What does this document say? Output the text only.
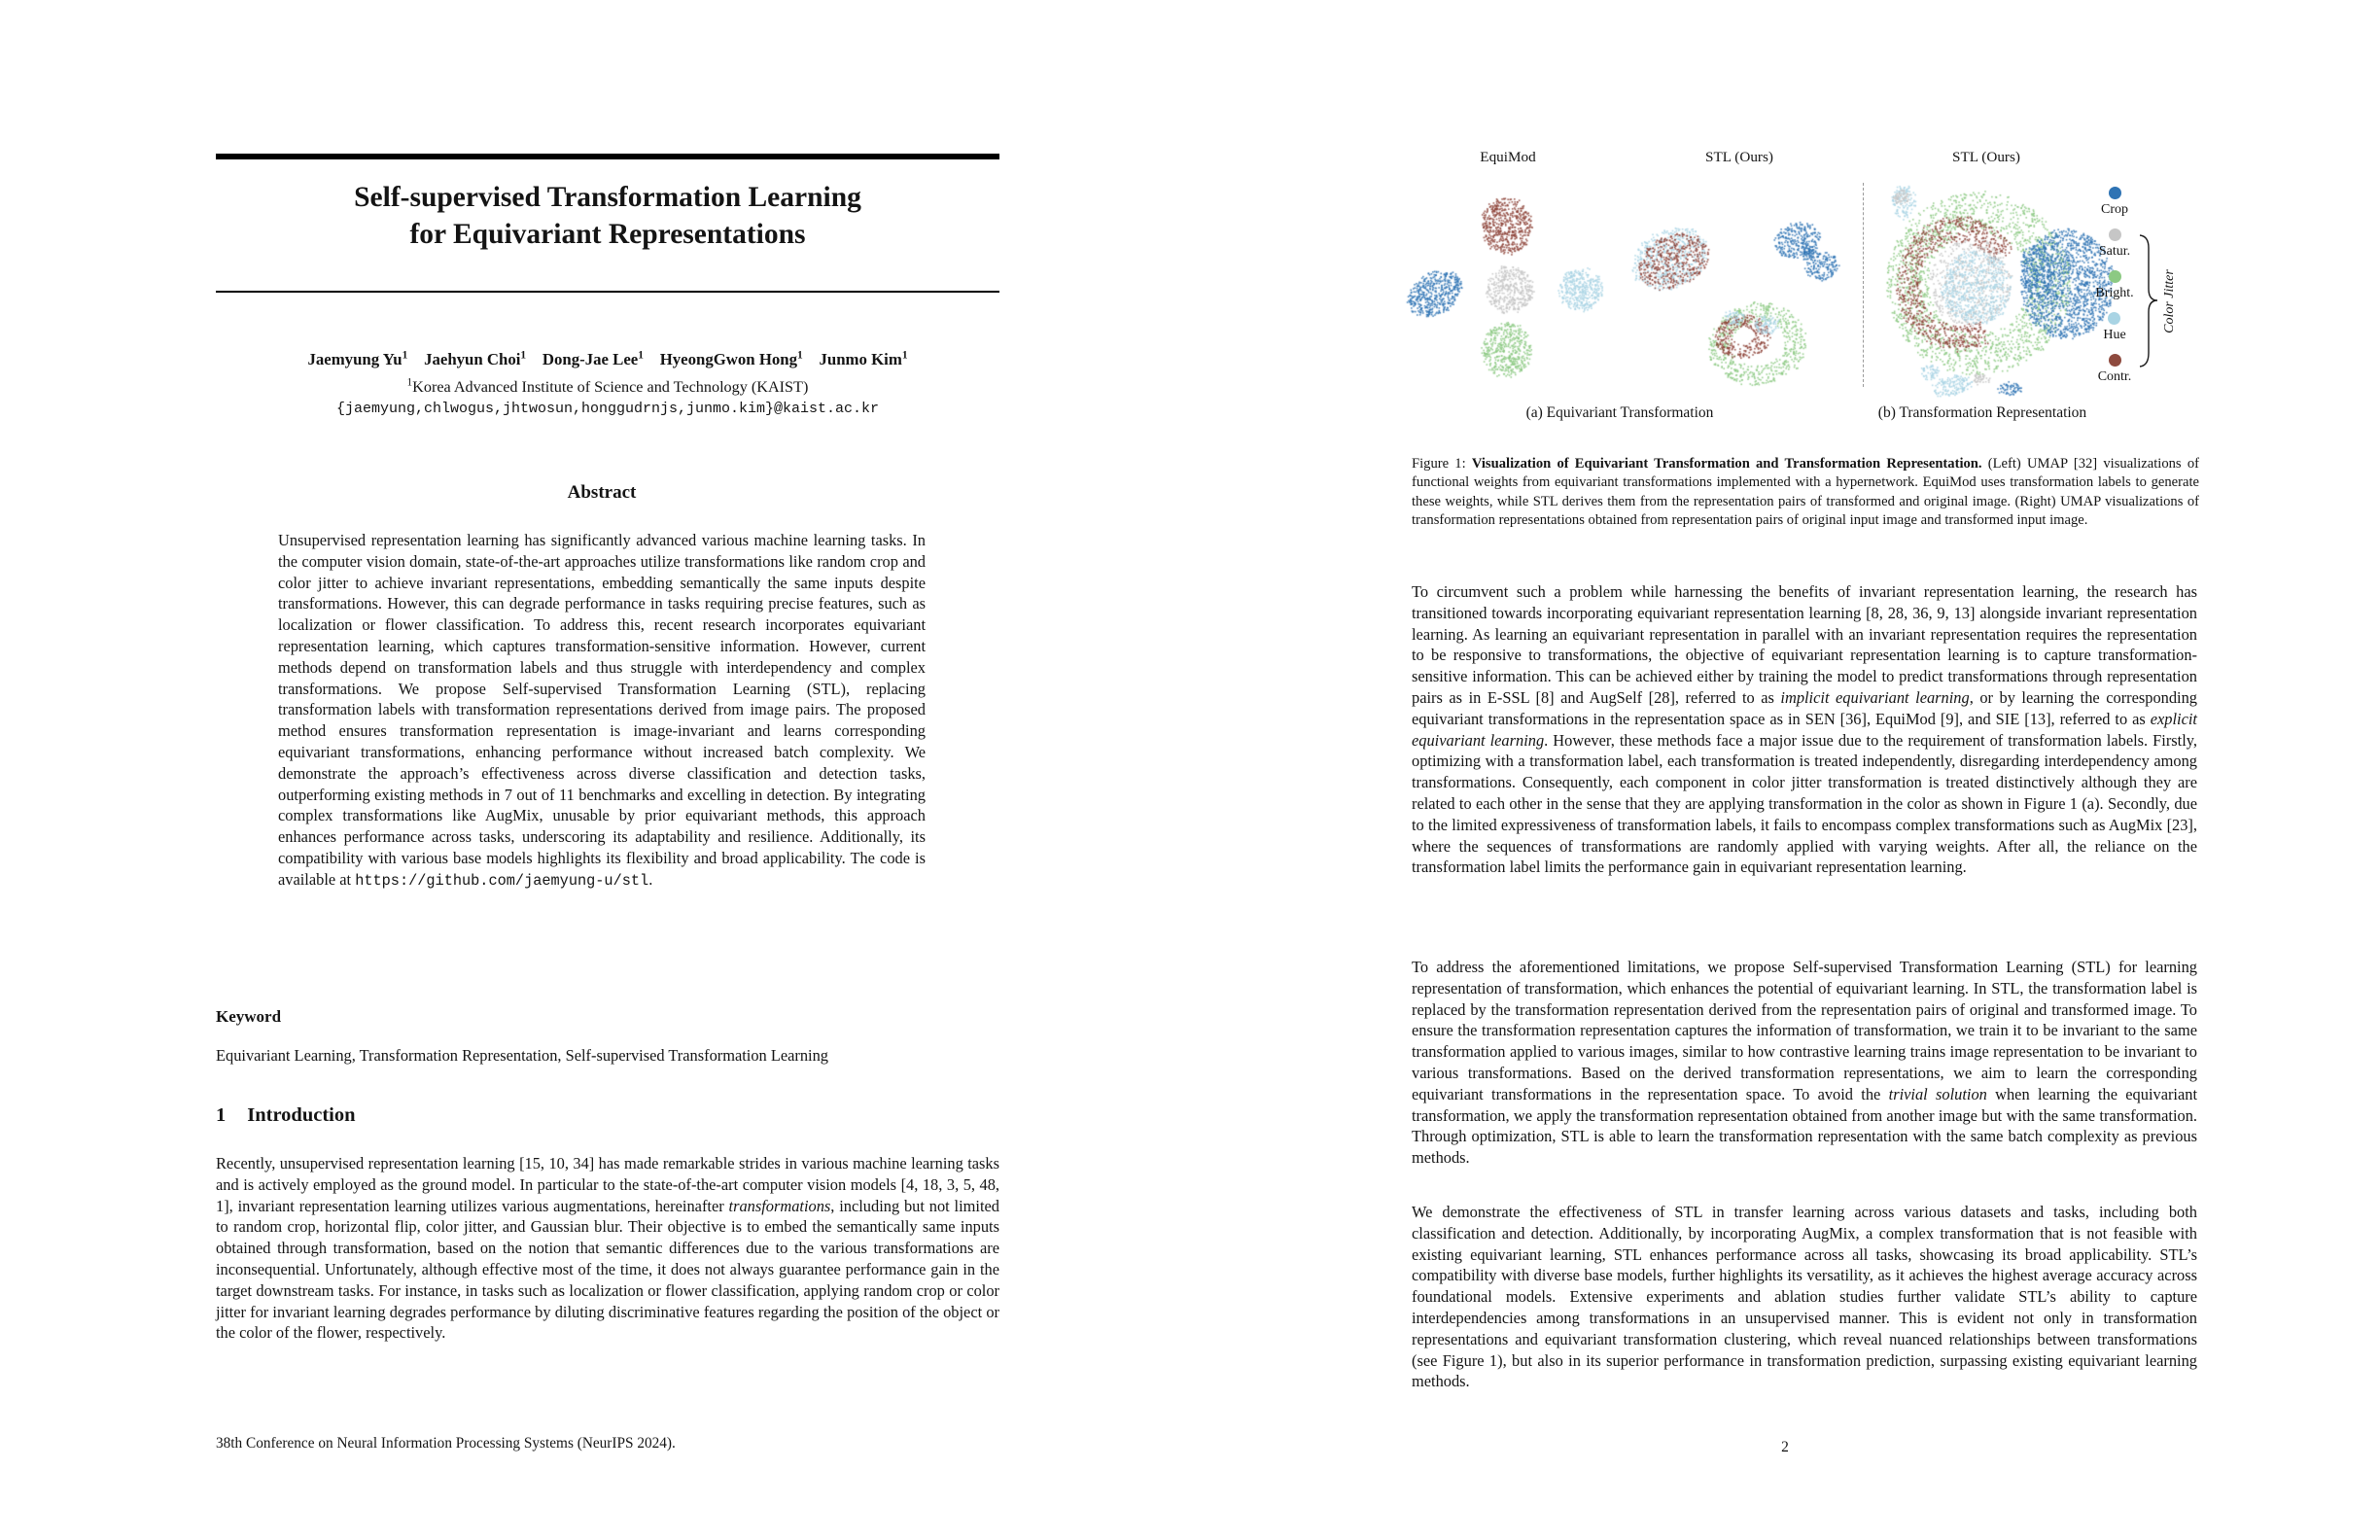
Self-supervised Transformation Learning
for Equivariant Representations
Jaemyung Yu$^1$ Jaehyun Choi$^1$ Dong-Jae Lee$^1$ HyeongGwon Hong$^1$ Junmo Kim$^1$
$^1$Korea Advanced Institute of Science and Technology (KAIST)
{jaemyung,chlwogus,jhtwosun,honggudrnjs,junmo.kim}@kaist.ac.kr
Abstract
Unsupervised representation learning has significantly advanced various machine learning tasks. In the computer vision domain, state-of-the-art approaches utilize transformations like random crop and color jitter to achieve invariant representations, embedding semantically the same inputs despite transformations. However, this can degrade performance in tasks requiring precise features, such as localization or flower classification. To address this, recent research incorporates equivariant representation learning, which captures transformation-sensitive information. However, current methods depend on transformation labels and thus struggle with interdependency and complex transformations. We propose Self-supervised Transformation Learning (STL), replacing transformation labels with transformation representations derived from image pairs. The proposed method ensures transformation representation is image-invariant and learns corresponding equivariant transformations, enhancing performance without increased batch complexity. We demonstrate the approach’s effectiveness across diverse classification and detection tasks, outperforming existing methods in 7 out of 11 benchmarks and excelling in detection. By integrating complex transformations like AugMix, unusable by prior equivariant methods, this approach enhances performance across tasks, underscoring its adaptability and resilience. Additionally, its compatibility with various base models highlights its flexibility and broad applicability. The code is available at https://github.com/jaemyung-u/stl.
Keyword
Equivariant Learning, Transformation Representation, Self-supervised Transformation Learning
1 Introduction
Recently, unsupervised representation learning [15, 10, 34] has made remarkable strides in various machine learning tasks and is actively employed as the ground model. In particular to the state-of-the-art computer vision models [4, 18, 3, 5, 48, 1], invariant representation learning utilizes various augmentations, hereinafter transformations, including but not limited to random crop, horizontal flip, color jitter, and Gaussian blur. Their objective is to embed the semantically same inputs obtained through transformation, based on the notion that semantic differences due to the various transformations are inconsequential. Unfortunately, although effective most of the time, it does not always guarantee performance gain in the target downstream tasks. For instance, in tasks such as localization or flower classification, applying random crop or color jitter for invariant learning degrades performance by diluting discriminative features regarding the position of the object or the color of the flower, respectively.
38th Conference on Neural Information Processing Systems (NeurIPS 2024).
EquiMod	STL (Ours)	STL (Ours)
Crop
Satur.
Bright.
Hue
Contr.
Color Jitter
(a) Equivariant Transformation	(b) Transformation Representation
Figure 1: Visualization of Equivariant Transformation and Transformation Representation. (Left) UMAP [32] visualizations of functional weights from equivariant transformations implemented with a hypernetwork. EquiMod uses transformation labels to generate these weights, while STL derives them from the representation pairs of transformed and original image. (Right) UMAP visualizations of transformation representations obtained from representation pairs of original input image and transformed input image.
To circumvent such a problem while harnessing the benefits of invariant representation learning, the research has transitioned towards incorporating equivariant representation learning [8, 28, 36, 9, 13] alongside invariant representation learning. As learning an equivariant representation in parallel with an invariant representation requires the representation to be responsive to transformations, the objective of equivariant representation learning is to capture transformation-sensitive information. This can be achieved either by training the model to predict transformations through representation pairs as in E-SSL [8] and AugSelf [28], referred to as implicit equivariant learning, or by learning the corresponding equivariant transformations in the representation space as in SEN [36], EquiMod [9], and SIE [13], referred to as explicit equivariant learning. However, these methods face a major issue due to the requirement of transformation labels. Firstly, optimizing with a transformation label, each transformation is treated independently, disregarding interdependency among transformations. Consequently, each component in color jitter transformation is treated distinctively although they are related to each other in the sense that they are applying transformation in the color as shown in Figure 1 (a). Secondly, due to the limited expressiveness of transformation labels, it fails to encompass complex transformations such as AugMix [23], where the sequences of transformations are randomly applied with varying weights. After all, the reliance on the transformation label limits the performance gain in equivariant representation learning.
To address the aforementioned limitations, we propose Self-supervised Transformation Learning (STL) for learning representation of transformation, which enhances the potential of equivariant learning. In STL, the transformation label is replaced by the transformation representation derived from the representation pairs of original and transformed image. To ensure the transformation representation captures the information of transformation, we train it to be invariant to the same transformation applied to various images, similar to how contrastive learning trains image representation to be invariant to various transformations. Based on the derived transformation representations, we aim to learn the corresponding equivariant transformations in the representation space. To avoid the trivial solution when learning the equivariant transformation, we apply the transformation representation obtained from another image but with the same transformation. Through optimization, STL is able to learn the transformation representation with the same batch complexity as previous methods.
We demonstrate the effectiveness of STL in transfer learning across various datasets and tasks, including both classification and detection. Additionally, by incorporating AugMix, a complex transformation that is not feasible with existing equivariant learning, STL enhances performance across all tasks, showcasing its broad applicability. STL’s compatibility with diverse base models, further highlights its versatility, as it achieves the highest average accuracy across foundational models. Extensive experiments and ablation studies further validate STL’s ability to capture interdependencies among transformations in an unsupervised manner. This is evident not only in transformation representations and equivariant transformation clustering, which reveal nuanced relationships between transformations (see Figure 1), but also in its superior performance in transformation prediction, surpassing existing equivariant learning methods.
2
